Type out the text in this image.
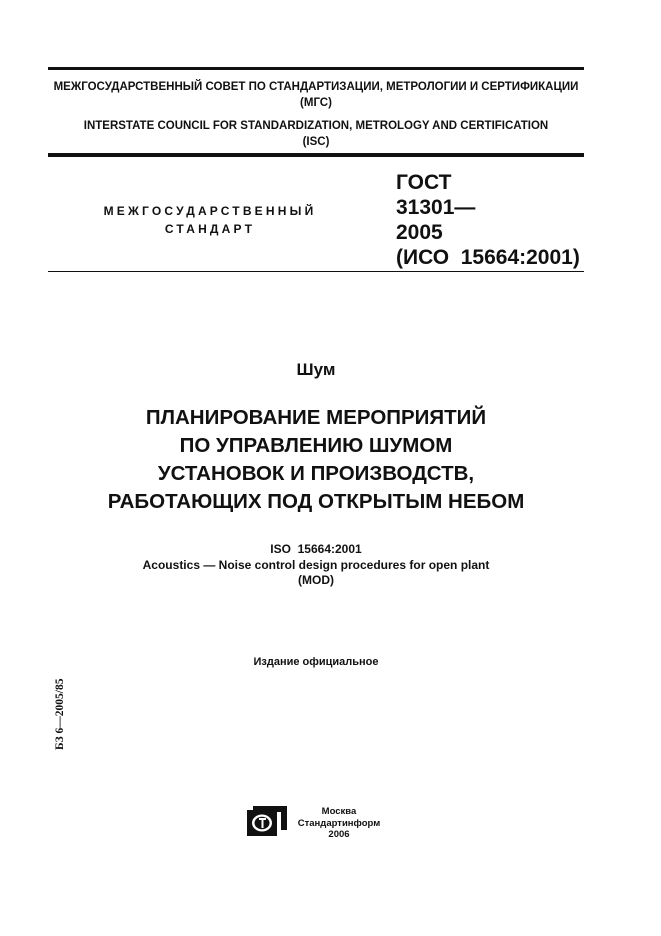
МЕЖГОСУДАРСТВЕННЫЙ СОВЕТ ПО СТАНДАРТИЗАЦИИ, МЕТРОЛОГИИ И СЕРТИФИКАЦИИ
(МГС)
INTERSTATE COUNCIL FOR STANDARDIZATION, METROLOGY AND CERTIFICATION
(ISC)
МЕЖГОСУДАРСТВЕННЫЙ
СТАНДАРТ
ГОСТ
31301—
2005
(ИСО  15664:2001)
Шум
ПЛАНИРОВАНИЕ МЕРОПРИЯТИЙ
ПО УПРАВЛЕНИЮ ШУМОМ
УСТАНОВОК И ПРОИЗВОДСТВ,
РАБОТАЮЩИХ ПОД ОТКРЫТЫМ НЕБОМ
ISO  15664:2001
Acoustics — Noise control design procedures for open plant
(MOD)
Издание официальное
БЗ 6—2005/85
Москва
Стандартинформ
2006
